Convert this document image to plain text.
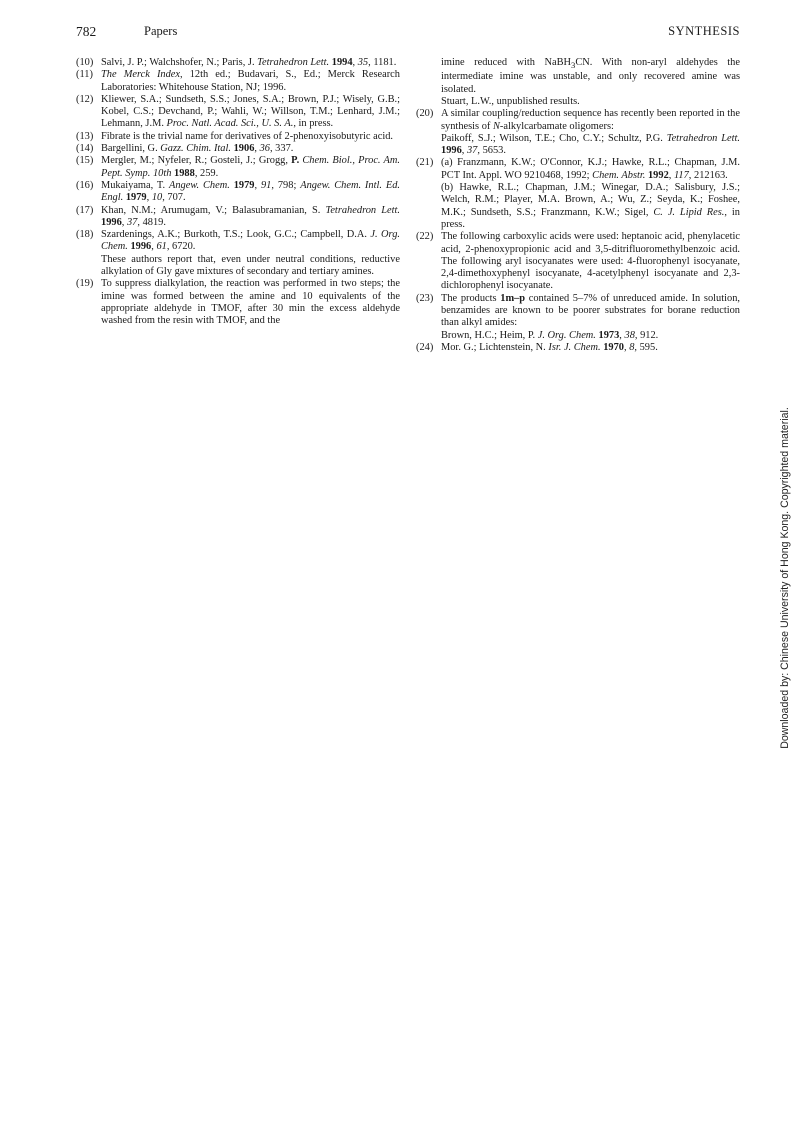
782	Papers	SYNTHESIS
(10) Salvi, J. P.; Walchshofer, N.; Paris, J. Tetrahedron Lett. 1994, 35, 1181.

(11) The Merck Index, 12th ed.; Budavari, S., Ed.; Merck Research Laboratories: Whitehouse Station, NJ; 1996.

(12) Kliewer, S.A.; Sundseth, S.S.; Jones, S.A.; Brown, P.J.; Wisely, G.B.; Kobel, C.S.; Devchand, P.; Wahli, W.; Willson, T.M.; Lenhard, J.M.; Lehmann, J.M. Proc. Natl. Acad. Sci., U. S. A., in press.

(13) Fibrate is the trivial name for derivatives of 2-phenoxyisobutyric acid.

(14) Bargellini, G. Gazz. Chim. Ital. 1906, 36, 337.

(15) Mergler, M.; Nyfeler, R.; Gosteli, J.; Grogg, P. Chem. Biol., Proc. Am. Pept. Symp. 10th 1988, 259.

(16) Mukaiyama, T. Angew. Chem. 1979, 91, 798; Angew. Chem. Intl. Ed. Engl. 1979, 10, 707.

(17) Khan, N.M.; Arumugam, V.; Balasubramanian, S. Tetrahedron Lett. 1996, 37, 4819.

(18) Szardenings, A.K.; Burkoth, T.S.; Look, G.C.; Campbell, D.A. J. Org. Chem. 1996, 61, 6720.

These authors report that, even under neutral conditions, reductive alkylation of Gly gave mixtures of secondary and tertiary amines.

(19) To suppress dialkylation, the reaction was performed in two steps; the imine was formed between the amine and 10 equivalents of the appropriate aldehyde in TMOF, after 30 min the excess aldehyde washed from the resin with TMOF, and the

imine reduced with NaBH$_3$CN. With non-aryl aldehydes the intermediate imine was unstable, and only recovered amine was isolated.

Stuart, L.W., unpublished results.

(20) A similar coupling/reduction sequence has recently been reported in the synthesis of N-alkylcarbamate oligomers:

Paikoff, S.J.; Wilson, T.E.; Cho, C.Y.; Schultz, P.G. Tetrahedron Lett. 1996, 37, 5653.

(21) (a) Franzmann, K.W.; O'Connor, K.J.; Hawke, R.L.; Chapman, J.M. PCT Int. Appl. WO 9210468, 1992; Chem. Abstr. 1992, 117, 212163.

(b) Hawke, R.L.; Chapman, J.M.; Winegar, D.A.; Salisbury, J.S.; Welch, R.M.; Player, M.A. Brown, A.; Wu, Z.; Seyda, K.; Foshee, M.K.; Sundseth, S.S.; Franzmann, K.W.; Sigel, C. J. Lipid Res., in press.

(22) The following carboxylic acids were used: heptanoic acid, phenylacetic acid, 2-phenoxypropionic acid and 3,5-ditrifluoromethylbenzoic acid. The following aryl isocyanates were used: 4-fluorophenyl isocyanate, 2,4-dimethoxyphenyl isocyanate, 4-acetylphenyl isocyanate and 2,3-dichlorophenyl isocyanate.

(23) The products 1m–p contained 5–7% of unreduced amide. In solution, benzamides are known to be poorer substrates for borane reduction than alkyl amides:

Brown, H.C.; Heim, P. J. Org. Chem. 1973, 38, 912.

(24) Mor. G.; Lichtenstein, N. Isr. J. Chem. 1970, 8, 595.

Downloaded by: Chinese University of Hong Kong. Copyrighted material.
